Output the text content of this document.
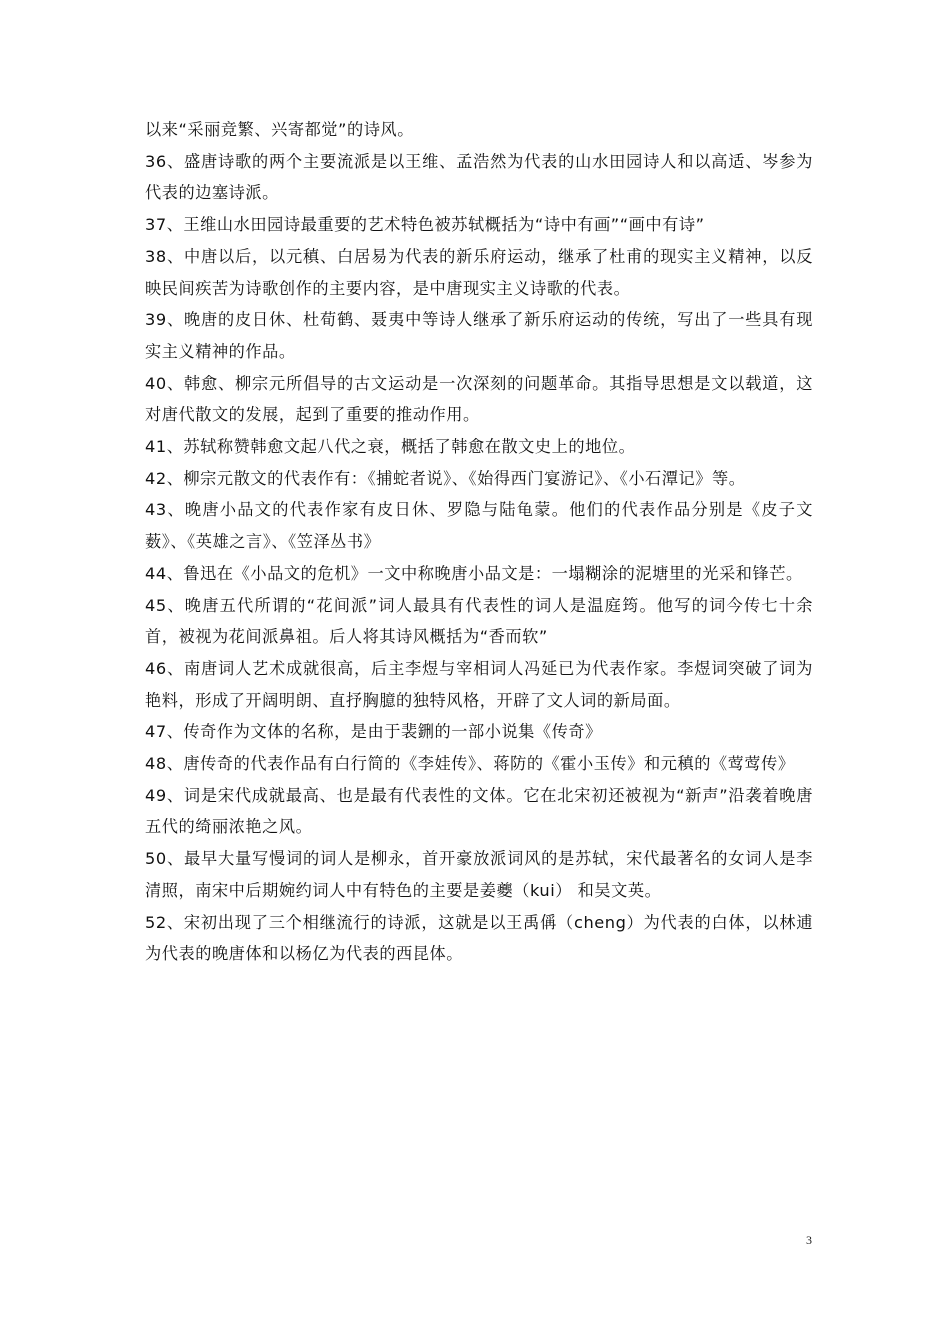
以来“采丽竞繁、兴寄都觉”的诗风。

36、盛唐诗歌的两个主要流派是以王维、孟浩然为代表的山水田园诗人和以高适、岑参为代表的边塞诗派。

37、王维山水田园诗最重要的艺术特色被苏轼概括为“诗中有画”“画中有诗”

38、中唐以后，以元稹、白居易为代表的新乐府运动，继承了杜甫的现实主义精神，以反映民间疾苦为诗歌创作的主要内容，是中唐现实主义诗歌的代表。

39、晚唐的皮日休、杜荀鹤、聂夷中等诗人继承了新乐府运动的传统，写出了一些具有现实主义精神的作品。

40、韩愈、柳宗元所倡导的古文运动是一次深刻的问题革命。其指导思想是文以载道，这对唐代散文的发展，起到了重要的推动作用。

41、苏轼称赞韩愈文起八代之衰，概括了韩愈在散文史上的地位。

42、柳宗元散文的代表作有：《捕蛇者说》、《始得西门宴游记》、《小石潭记》等。

43、晚唐小品文的代表作家有皮日休、罗隐与陆龟蒙。他们的代表作品分别是《皮子文薮》、《英雄之言》、《笠泽丛书》

44、鲁迅在《小品文的危机》一文中称晚唐小品文是：一塌糊涂的泥塘里的光采和锋芒。

45、晚唐五代所谓的“花间派”词人最具有代表性的词人是温庭筠。他写的词今传七十余首，被视为花间派鼻祖。后人将其诗风概括为“香而软”

46、南唐词人艺术成就很高，后主李煜与宰相词人冯延已为代表作家。李煜词突破了词为艳料，形成了开阔明朗、直抒胸臆的独特风格，开辟了文人词的新局面。

47、传奇作为文体的名称，是由于裴鉶的一部小说集《传奇》

48、唐传奇的代表作品有白行简的《李娃传》、蒋防的《霍小玉传》和元稹的《莺莺传》

49、词是宋代成就最高、也是最有代表性的文体。它在北宋初还被视为“新声”沿袭着晚唐五代的绮丽浓艳之风。

50、最早大量写慢词的词人是柳永，首开豪放派词风的是苏轼，宋代最著名的女词人是李清照，南宋中后期婉约词人中有特色的主要是姜夔（kui） 和吴文英。

52、宋初出现了三个相继流行的诗派，这就是以王禹偁（cheng）为代表的白体，以林逋为代表的晚唐体和以杨亿为代表的西昆体。

3
